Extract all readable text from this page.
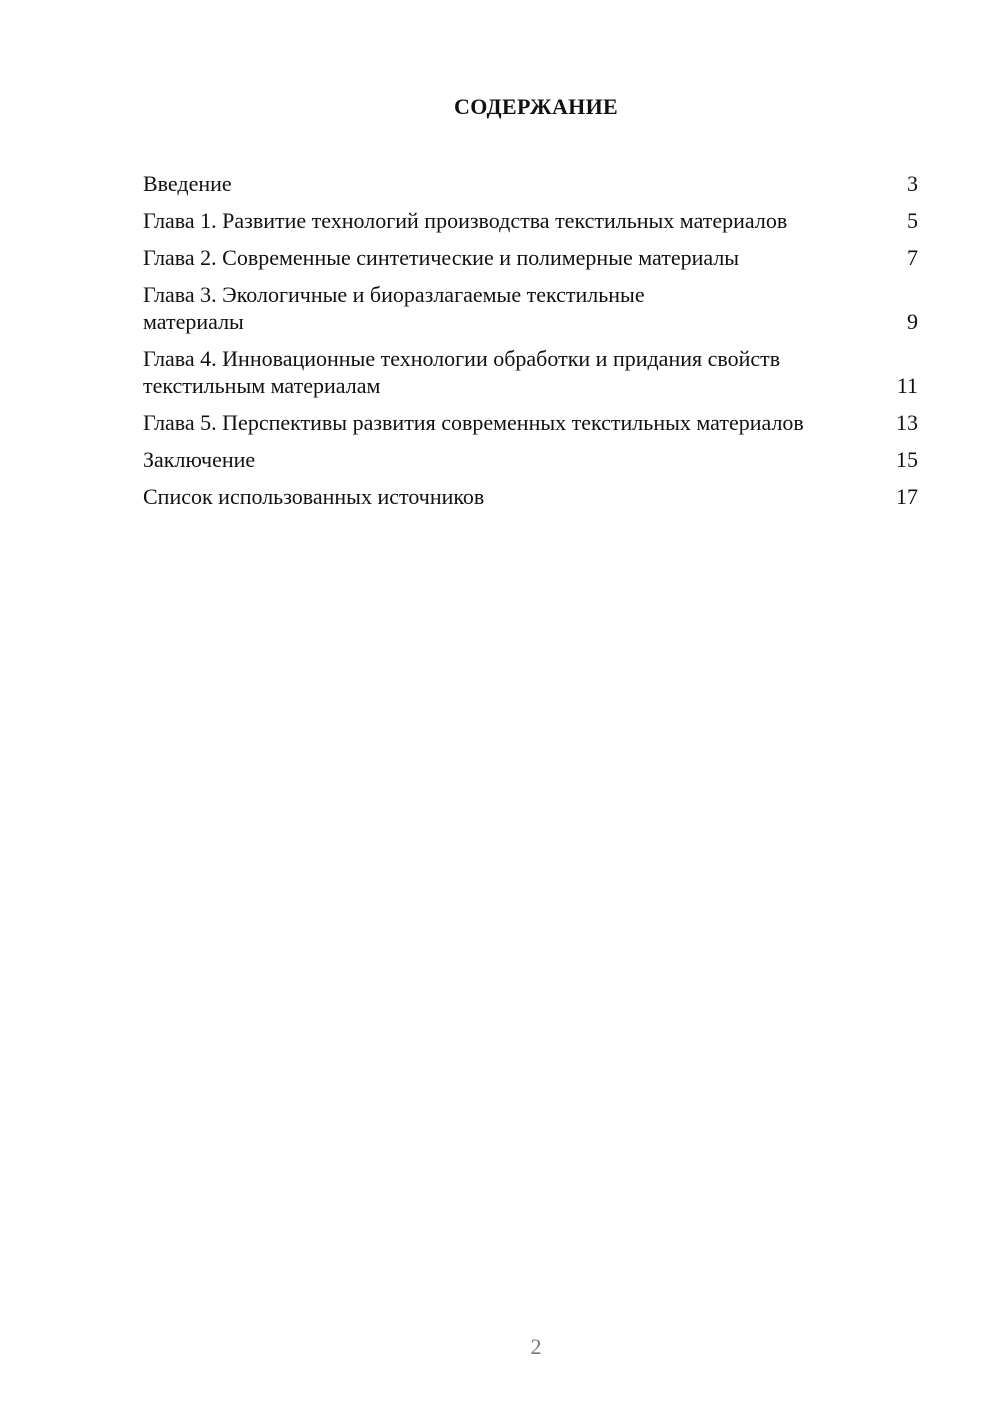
СОДЕРЖАНИЕ
Введение	3
Глава 1. Развитие технологий производства текстильных материалов	5
Глава 2. Современные синтетические и полимерные материалы	7
Глава 3. Экологичные и биоразлагаемые текстильные материалы	9
Глава 4. Инновационные технологии обработки и придания свойств текстильным материалам	11
Глава 5. Перспективы развития современных текстильных материалов	13
Заключение	15
Список использованных источников	17
2
